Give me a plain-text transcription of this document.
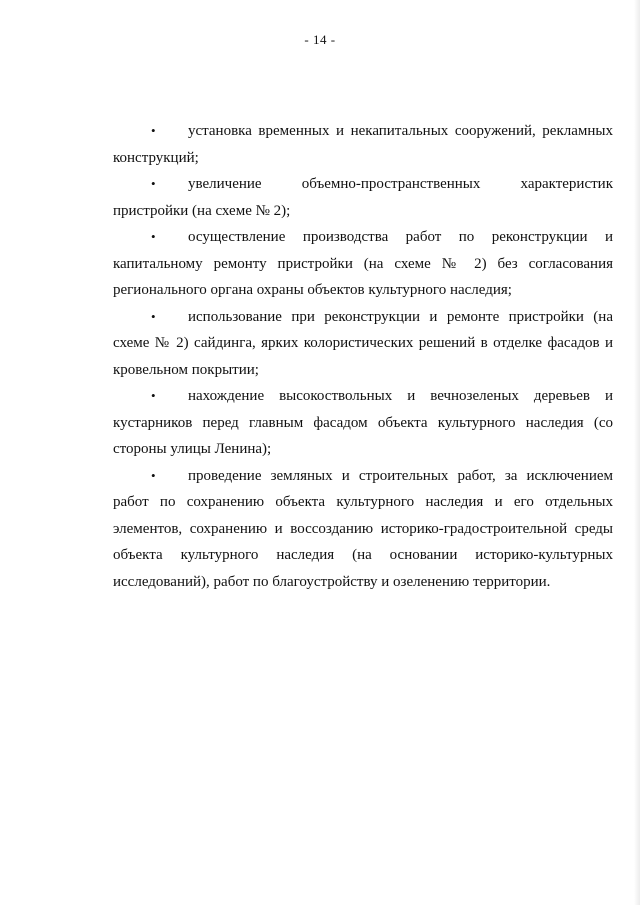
- 14 -

•	установка временных и некапитальных сооружений, рекламных конструкций;

•	увеличение объемно-пространственных характеристик пристройки (на схеме № 2);

•	осуществление производства работ по реконструкции и капитальному ремонту пристройки (на схеме № 2) без согласования регионального органа охраны объектов культурного наследия;

•	использование при реконструкции и ремонте пристройки (на схеме № 2) сайдинга, ярких колористических решений в отделке фасадов и кровельном покрытии;

•	нахождение высокоствольных и вечнозеленых деревьев и кустарников перед главным фасадом объекта культурного наследия (со стороны улицы Ленина);

•	проведение земляных и строительных работ, за исключением работ по сохранению объекта культурного наследия и его отдельных элементов, сохранению и воссозданию историко-градостроительной среды объекта культурного наследия (на основании историко-культурных исследований), работ по благоустройству и озеленению территории.
